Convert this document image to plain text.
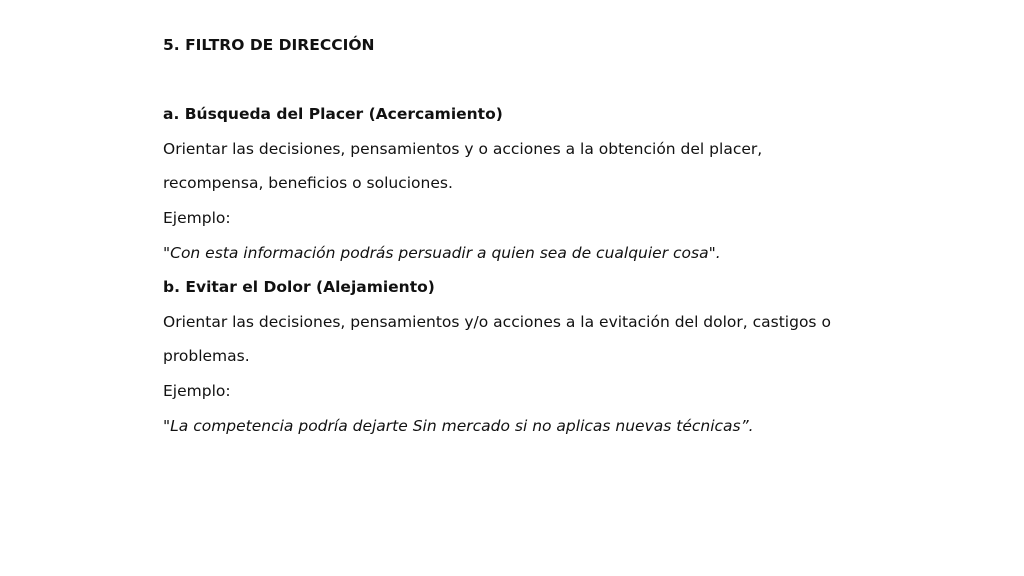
5. FILTRO DE DIRECCIÓN
a. Búsqueda del Placer (Acercamiento)
Orientar las decisiones, pensamientos y o acciones a la obtención del placer,
recompensa, beneficios o soluciones.
Ejemplo:
"Con esta información podrás persuadir a quien sea de cualquier cosa".
b. Evitar el Dolor (Alejamiento)
Orientar las decisiones, pensamientos y/o acciones a la evitación del dolor, castigos o
problemas.
Ejemplo:
"La competencia podría dejarte Sin mercado si no aplicas nuevas técnicas”.
